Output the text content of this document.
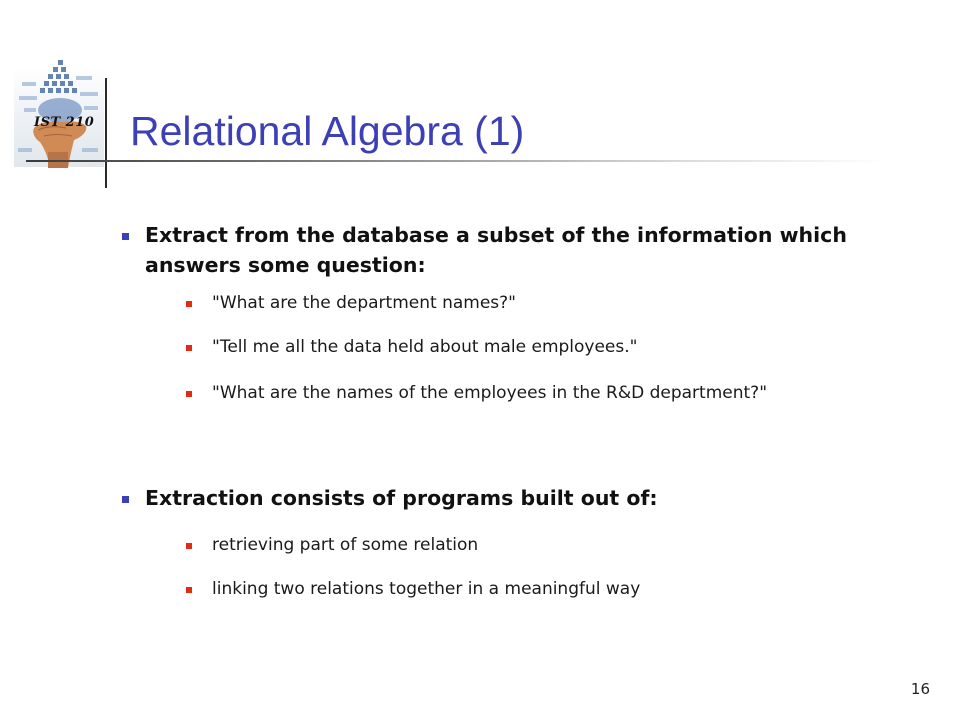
IST 210 Relational Algebra (1)
Extract from the database a subset of the information which answers some question:
"What are the department names?"
"Tell me all the data held about male employees."
"What are the names of the employees in the R&D department?"
Extraction consists of programs built out of:
retrieving part of some relation
linking two relations together in a meaningful way
16
